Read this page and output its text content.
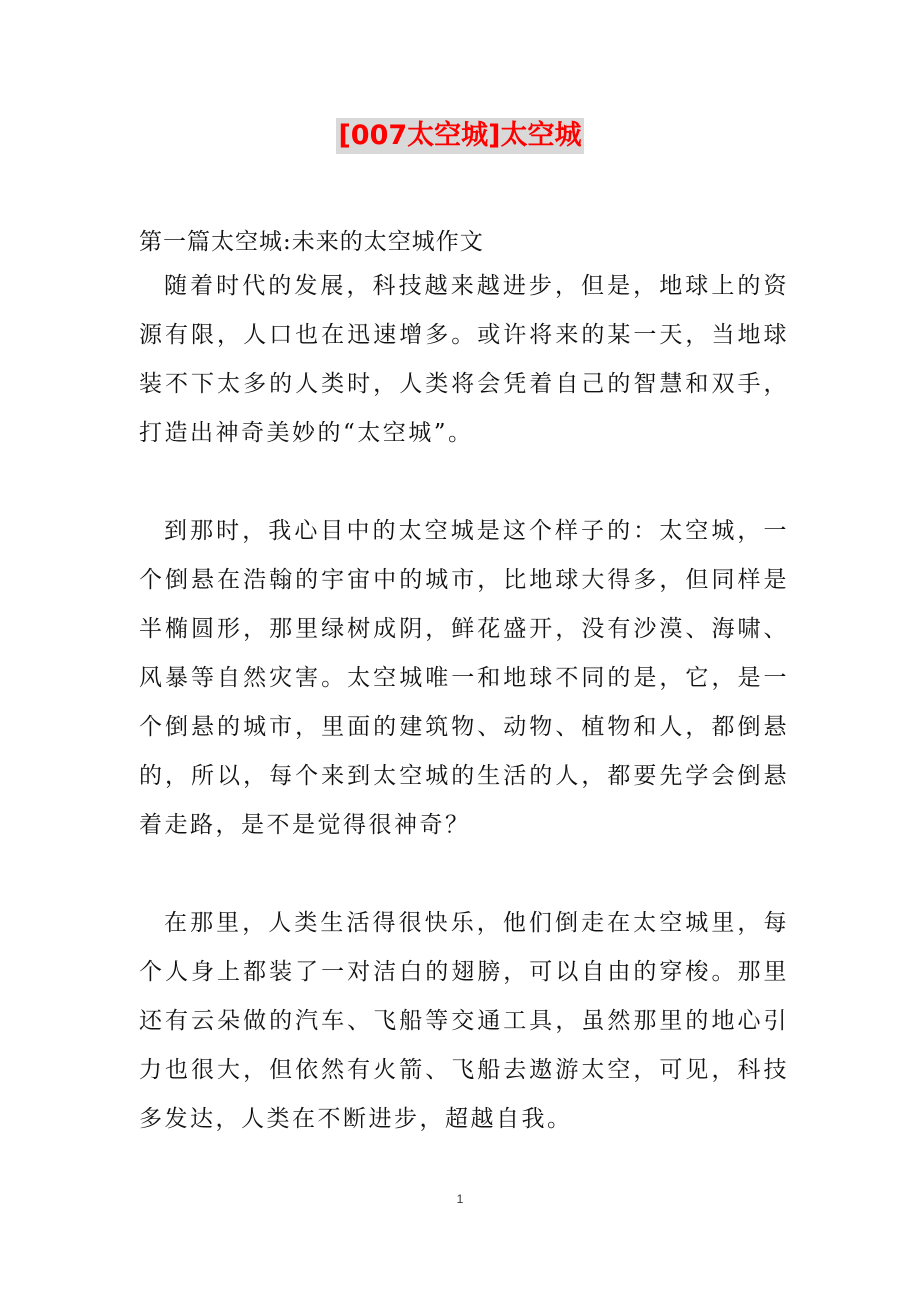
[007太空城]太空城
第一篇太空城:未来的太空城作文

随着时代的发展，科技越来越进步，但是，地球上的资源有限，人口也在迅速增多。或许将来的某一天，当地球装不下太多的人类时，人类将会凭着自己的智慧和双手，打造出神奇美妙的“太空城”。

到那时，我心目中的太空城是这个样子的：太空城，一个倒悬在浩翰的宇宙中的城市，比地球大得多，但同样是半椭圆形，那里绿树成阴，鲜花盛开，没有沙漠、海啸、风暴等自然灾害。太空城唯一和地球不同的是，它，是一个倒悬的城市，里面的建筑物、动物、植物和人，都倒悬的，所以，每个来到太空城的生活的人，都要先学会倒悬着走路，是不是觉得很神奇？

在那里，人类生活得很快乐，他们倒走在太空城里，每个人身上都装了一对洁白的翅膀，可以自由的穿梭。那里还有云朵做的汽车、飞船等交通工具，虽然那里的地心引力也很大，但依然有火箭、飞船去遨游太空，可见，科技多发达，人类在不断进步，超越自我。

1
